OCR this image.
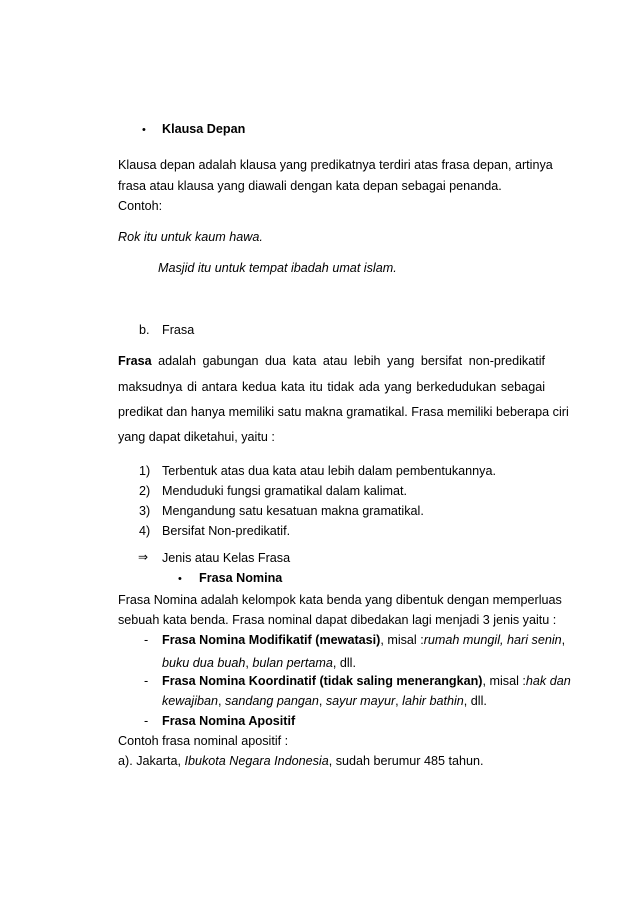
• Klausa Depan
Klausa depan adalah klausa yang predikatnya terdiri atas frasa depan, artinya
frasa atau klausa yang diawali dengan kata depan sebagai penanda.
Contoh:
Rok itu untuk kaum hawa.
Masjid itu untuk tempat ibadah umat islam.
b. Frasa
Frasa adalah gabungan dua kata atau lebih yang bersifat non-predikatif
maksudnya di antara kedua kata itu tidak ada yang berkedudukan sebagai
predikat dan hanya memiliki satu makna gramatikal. Frasa memiliki beberapa ciri
yang dapat diketahui, yaitu :
1) Terbentuk atas dua kata atau lebih dalam pembentukannya.
2) Menduduki fungsi gramatikal dalam kalimat.
3) Mengandung satu kesatuan makna gramatikal.
4) Bersifat Non-predikatif.
⇒ Jenis atau Kelas Frasa
• Frasa Nomina
Frasa Nomina adalah kelompok kata benda yang dibentuk dengan memperluas
sebuah kata benda. Frasa nominal dapat dibedakan lagi menjadi 3 jenis yaitu :
- Frasa Nomina Modifikatif (mewatasi), misal :rumah mungil, hari senin,
buku dua buah, bulan pertama, dll.
- Frasa Nomina Koordinatif (tidak saling menerangkan), misal :hak dan
kewajiban, sandang pangan, sayur mayur, lahir bathin, dll.
- Frasa Nomina Apositif
Contoh frasa nominal apositif :
a). Jakarta, Ibukota Negara Indonesia, sudah berumur 485 tahun.
